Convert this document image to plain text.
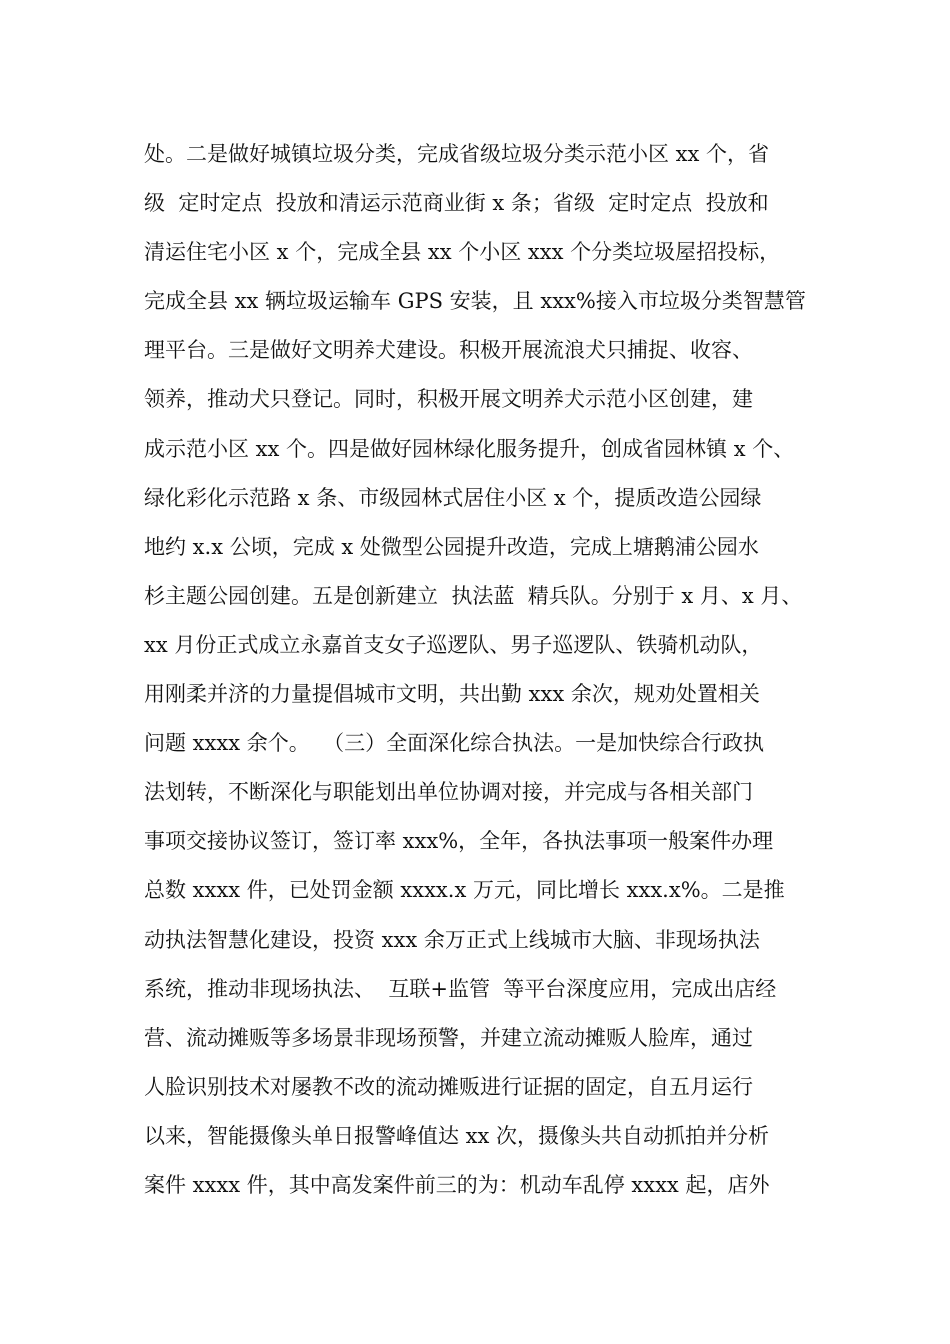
处。二是做好城镇垃圾分类，完成省级垃圾分类示范小区 xx 个，省
级  定时定点  投放和清运示范商业街 x 条；省级  定时定点  投放和
清运住宅小区 x 个，完成全县 xx 个小区 xxx 个分类垃圾屋招投标，
完成全县 xx 辆垃圾运输车 GPS 安装，且 xxx%接入市垃圾分类智慧管
理平台。三是做好文明养犬建设。积极开展流浪犬只捕捉、收容、
领养，推动犬只登记。同时，积极开展文明养犬示范小区创建，建
成示范小区 xx 个。四是做好园林绿化服务提升，创成省园林镇 x 个、
绿化彩化示范路 x 条、市级园林式居住小区 x 个，提质改造公园绿
地约 x.x 公顷，完成 x 处微型公园提升改造，完成上塘鹅浦公园水
杉主题公园创建。五是创新建立  执法蓝  精兵队。分别于 x 月、x 月、
xx 月份正式成立永嘉首支女子巡逻队、男子巡逻队、铁骑机动队，
用刚柔并济的力量提倡城市文明，共出勤 xxx 余次，规劝处置相关
问题 xxxx 余个。  （三）全面深化综合执法。一是加快综合行政执
法划转，不断深化与职能划出单位协调对接，并完成与各相关部门
事项交接协议签订，签订率 xxx%，全年，各执法事项一般案件办理
总数 xxxx 件，已处罚金额 xxxx.x 万元，同比增长 xxx.x%。二是推
动执法智慧化建设，投资 xxx 余万正式上线城市大脑、非现场执法
系统，推动非现场执法、  互联+监管  等平台深度应用，完成出店经
营、流动摊贩等多场景非现场预警，并建立流动摊贩人脸库，通过
人脸识别技术对屡教不改的流动摊贩进行证据的固定，自五月运行
以来，智能摄像头单日报警峰值达 xx 次，摄像头共自动抓拍并分析
案件 xxxx 件，其中高发案件前三的为：机动车乱停 xxxx 起，店外
